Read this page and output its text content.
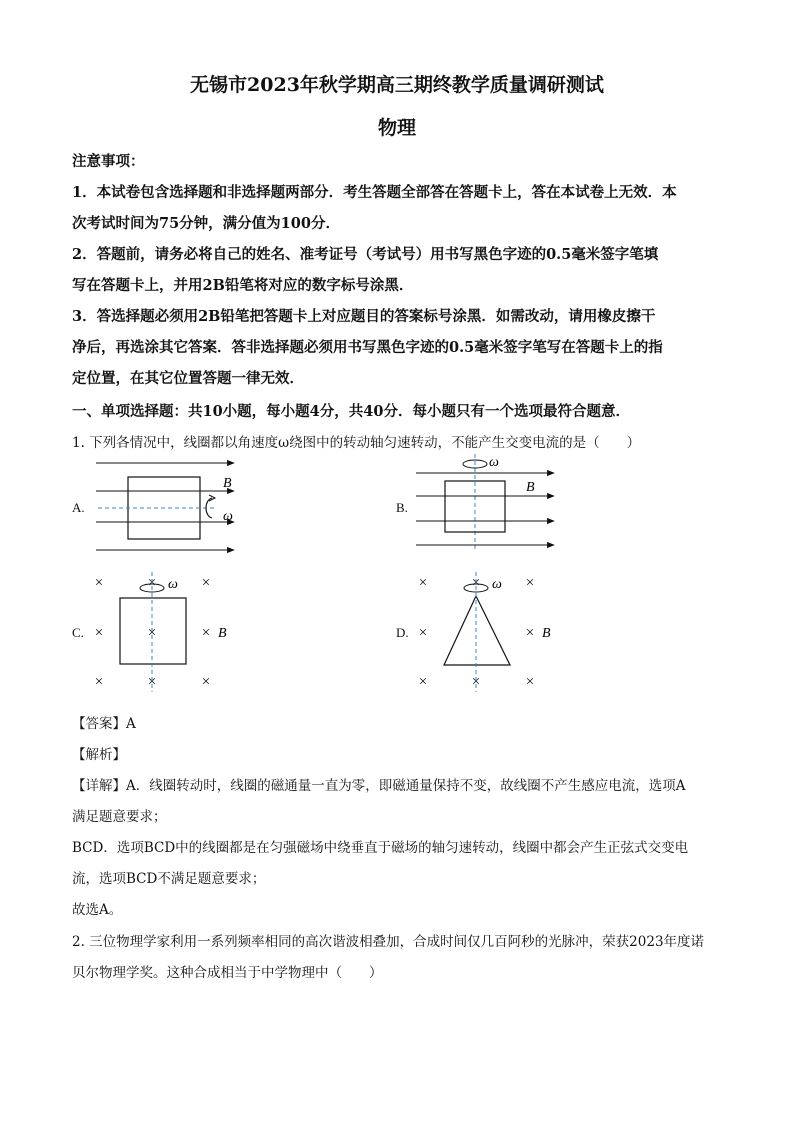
无锡市2023年秋学期高三期终教学质量调研测试
物理
注意事项：
1．本试卷包含选择题和非选择题两部分．考生答题全部答在答题卡上，答在本试卷上无效．本
次考试时间为75分钟，满分值为100分．
2．答题前，请务必将自己的姓名、准考证号（考试号）用书写黑色字迹的0.5毫米签字笔填
写在答题卡上，并用2B铅笔将对应的数字标号涂黑．
3．答选择题必须用2B铅笔把答题卡上对应题目的答案标号涂黑．如需改动，请用橡皮擦干
净后，再选涂其它答案．答非选择题必须用书写黑色字迹的0.5毫米签字笔写在答题卡上的指
定位置，在其它位置答题一律无效．
一、单项选择题：共10小题，每小题4分，共40分．每小题只有一个选项最符合题意．
1. 下列各情况中，线圈都以角速度ω绕图中的转动轴匀速转动，不能产生交变电流的是（　　）
A.	B.
C.	D.
B
ω
ω
B
×	×	×
×	×	×
×	×	×
ω
B
×	×	×
×	×
×	×	×
ω
B
【答案】A
【解析】
【详解】A．线圈转动时，线圈的磁通量一直为零，即磁通量保持不变，故线圈不产生感应电流，选项A
满足题意要求；
BCD．选项BCD中的线圈都是在匀强磁场中绕垂直于磁场的轴匀速转动，线圈中都会产生正弦式交变电
流，选项BCD不满足题意要求；
故选A。
2. 三位物理学家利用一系列频率相同的高次谐波相叠加，合成时间仅几百阿秒的光脉冲，荣获2023年度诺
贝尔物理学奖。这种合成相当于中学物理中（　　）
